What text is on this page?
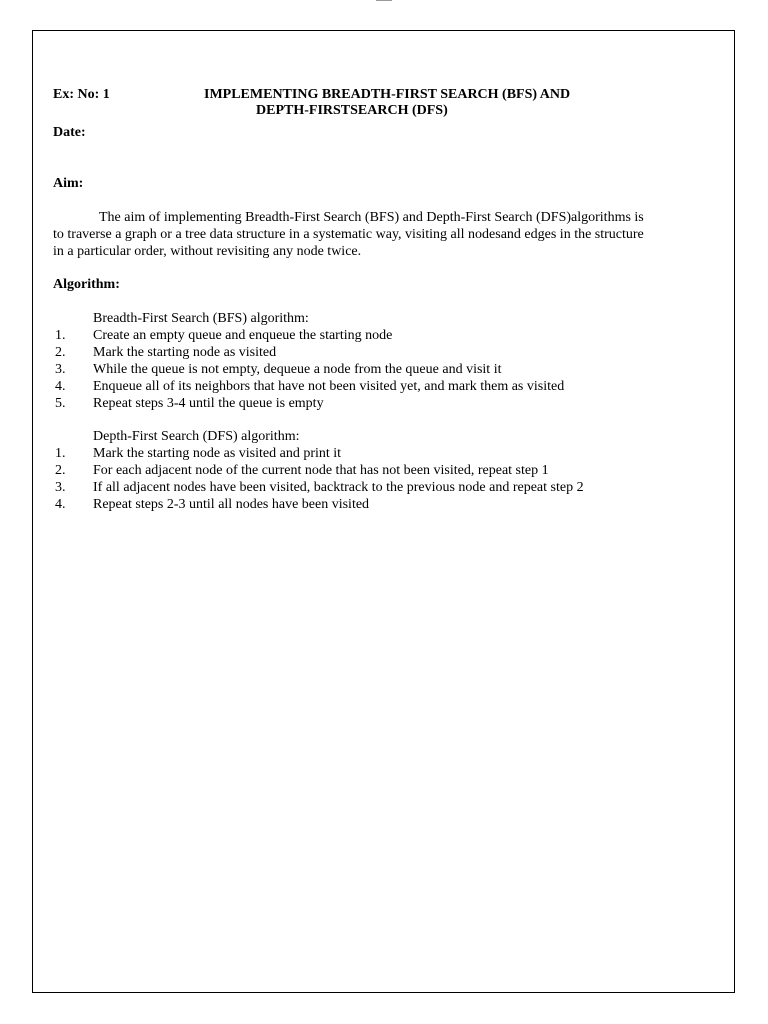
Ex: No: 1	IMPLEMENTING BREADTH-FIRST SEARCH (BFS) AND
DEPTH-FIRSTSEARCH (DFS)
Date:
Aim:
The aim of implementing Breadth-First Search (BFS) and Depth-First Search (DFS)algorithms is
to traverse a graph or a tree data structure in a systematic way, visiting all nodesand edges in the structure
in a particular order, without revisiting any node twice.
Algorithm:
Breadth-First Search (BFS) algorithm:
1.	Create an empty queue and enqueue the starting node
2.	Mark the starting node as visited
3.	While the queue is not empty, dequeue a node from the queue and visit it
4.	Enqueue all of its neighbors that have not been visited yet, and mark them as visited
5.	Repeat steps 3-4 until the queue is empty
Depth-First Search (DFS) algorithm:
1.	Mark the starting node as visited and print it
2.	For each adjacent node of the current node that has not been visited, repeat step 1
3.	If all adjacent nodes have been visited, backtrack to the previous node and repeat step 2
4.	Repeat steps 2-3 until all nodes have been visited
